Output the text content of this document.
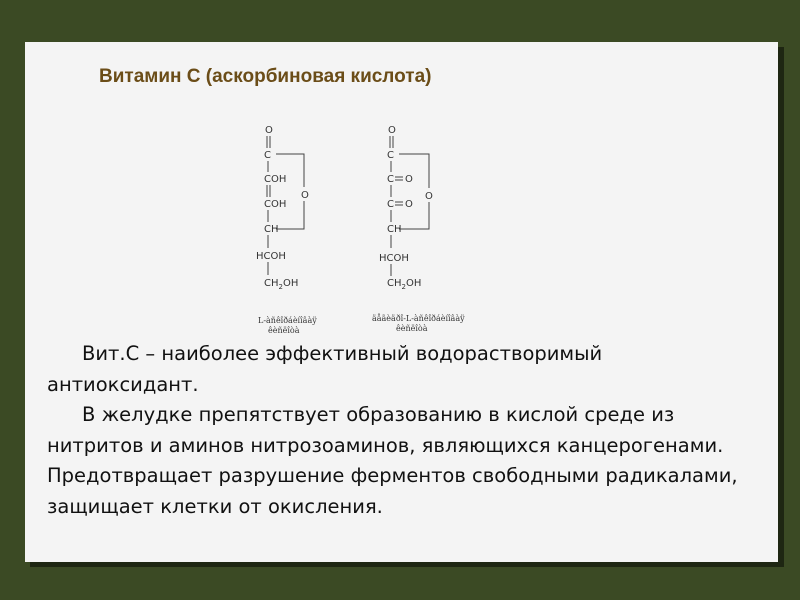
Витамин С (аскорбиновая кислота)
O
C
COH
COH
CH
HCOH
$CH_2OH$
O
L-àñêîðáèíîâàÿ
êèñëîòà
O
C
C O
C O
CH
HCOH
$CH_2OH$
O
äåãèäðî-L-àñêîðáèíîâàÿ
êèñëîòà

Вит.С – наиболее эффективный водорастворимый антиоксидант.

В желудке препятствует образованию в кислой среде из нитритов и аминов нитрозоаминов, являющихся канцерогенами. Предотвращает разрушение ферментов свободными радикалами, защищает клетки от окисления.
